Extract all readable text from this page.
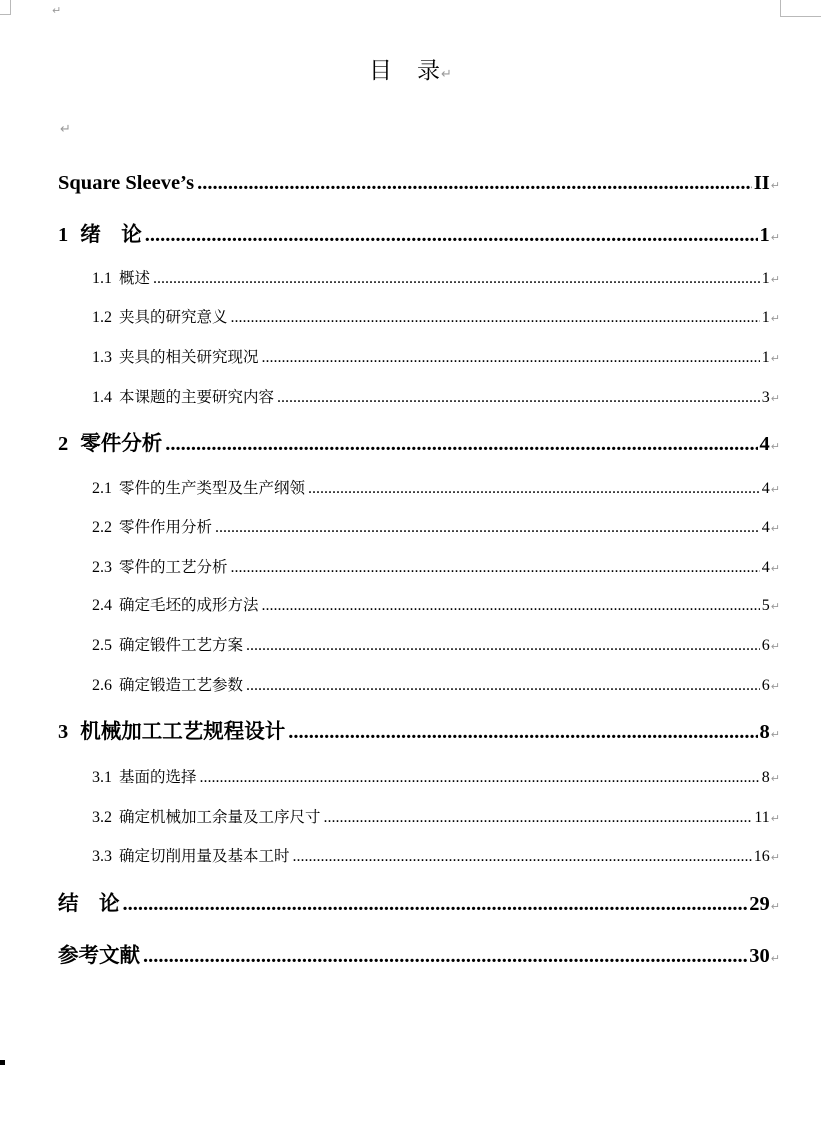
↵
目　录↵
↵
Square Sleeve’s .....	II ↵
1 绪　论 .....	1 ↵
1.1 概述 .....	1 ↵
1.2 夹具的研究意义 .....	1 ↵
1.3 夹具的相关研究现况 .....	1 ↵
1.4 本课题的主要研究内容 .....	3 ↵
2 零件分析 .....	4 ↵
2.1 零件的生产类型及生产纲领 .....	4 ↵
2.2 零件作用分析 .....	4 ↵
2.3 零件的工艺分析 .....	4 ↵
2.4 确定毛坯的成形方法 .....	5 ↵
2.5 确定锻件工艺方案 .....	6 ↵
2.6 确定锻造工艺参数 .....	6 ↵
3 机械加工工艺规程设计 .....	8 ↵
3.1 基面的选择 .....	8 ↵
3.2 确定机械加工余量及工序尺寸 .....	11 ↵
3.3 确定切削用量及基本工时 .....	16 ↵
结　论 .....	29 ↵
参考文献 .....	30 ↵
